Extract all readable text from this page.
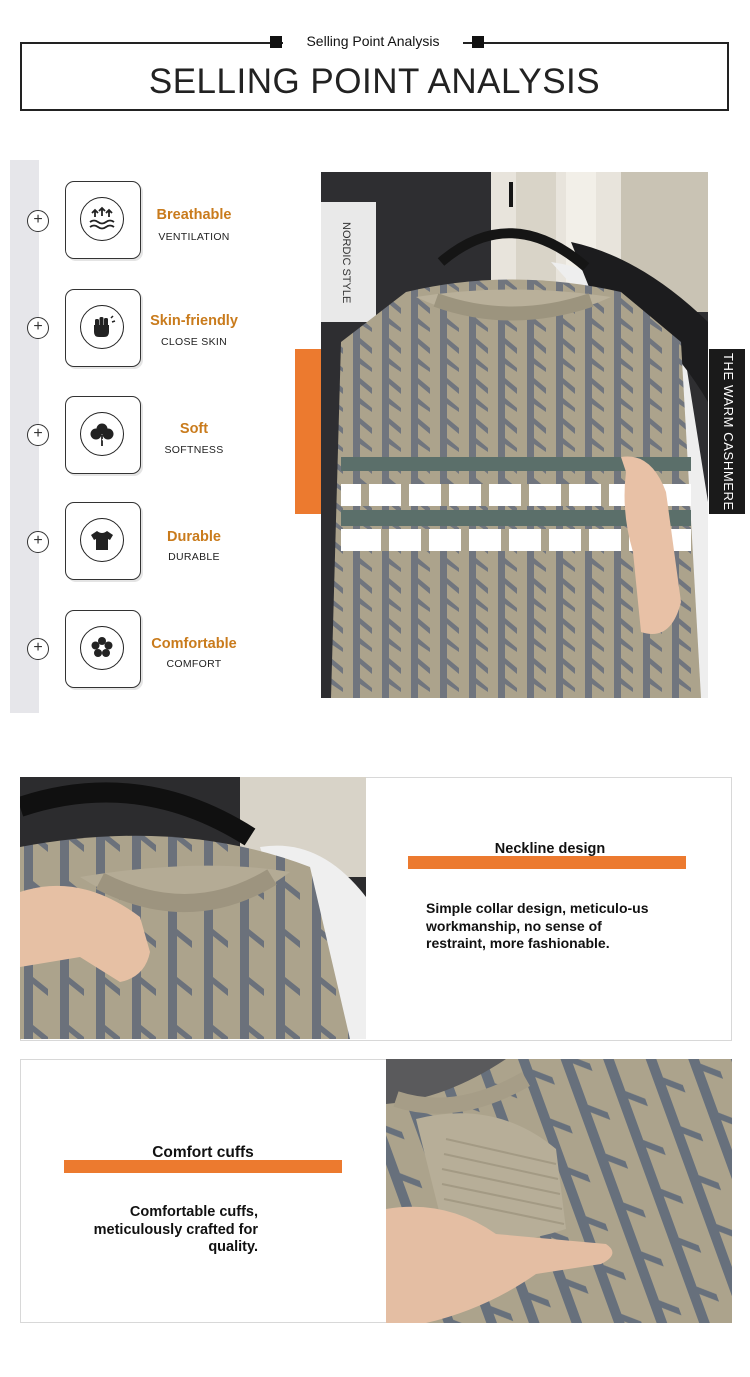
Selling Point Analysis
SELLING POINT ANALYSIS
+	Breathable
VENTILATION
+	Skin-friendly
CLOSE SKIN
+	Soft
SOFTNESS
+	Durable
DURABLE
+	Comfortable
COMFORT
NORDIC STYLE
THE WARM CASHMERE
Neckline design
Simple collar design, meticulo-us workmanship, no sense of restraint, more fashionable.
Comfort cuffs
Comfortable cuffs, meticulously crafted for quality.
